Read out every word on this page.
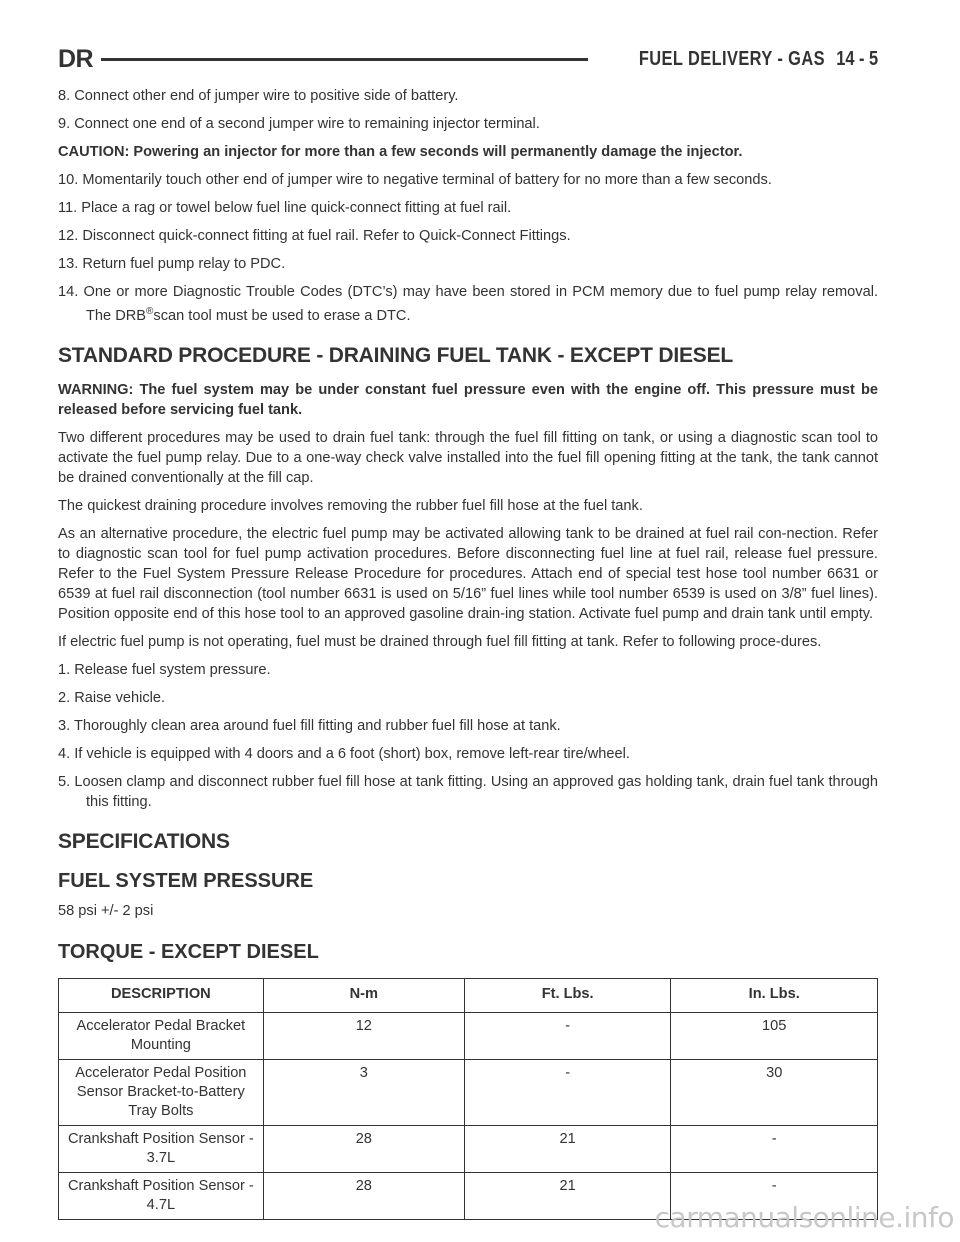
DR	FUEL DELIVERY - GAS 14 - 5

8. Connect other end of jumper wire to positive side of battery.

9. Connect one end of a second jumper wire to remaining injector terminal.

CAUTION: Powering an injector for more than a few seconds will permanently damage the injector.

10. Momentarily touch other end of jumper wire to negative terminal of battery for no more than a few seconds.

11. Place a rag or towel below fuel line quick-connect fitting at fuel rail.

12. Disconnect quick-connect fitting at fuel rail. Refer to Quick-Connect Fittings.

13. Return fuel pump relay to PDC.

14. One or more Diagnostic Trouble Codes (DTC’s) may have been stored in PCM memory due to fuel pump relay removal. The DRB®scan tool must be used to erase a DTC.

STANDARD PROCEDURE - DRAINING FUEL TANK - EXCEPT DIESEL

WARNING: The fuel system may be under constant fuel pressure even with the engine off. This pressure must be released before servicing fuel tank.

Two different procedures may be used to drain fuel tank: through the fuel fill fitting on tank, or using a diagnostic scan tool to activate the fuel pump relay. Due to a one-way check valve installed into the fuel fill opening fitting at the tank, the tank cannot be drained conventionally at the fill cap.

The quickest draining procedure involves removing the rubber fuel fill hose at the fuel tank.

As an alternative procedure, the electric fuel pump may be activated allowing tank to be drained at fuel rail con-nection. Refer to diagnostic scan tool for fuel pump activation procedures. Before disconnecting fuel line at fuel rail, release fuel pressure. Refer to the Fuel System Pressure Release Procedure for procedures. Attach end of special test hose tool number 6631 or 6539 at fuel rail disconnection (tool number 6631 is used on 5/16” fuel lines while tool number 6539 is used on 3/8” fuel lines). Position opposite end of this hose tool to an approved gasoline drain-ing station. Activate fuel pump and drain tank until empty.

If electric fuel pump is not operating, fuel must be drained through fuel fill fitting at tank. Refer to following proce-dures.

1. Release fuel system pressure.

2. Raise vehicle.

3. Thoroughly clean area around fuel fill fitting and rubber fuel fill hose at tank.

4. If vehicle is equipped with 4 doors and a 6 foot (short) box, remove left-rear tire/wheel.

5. Loosen clamp and disconnect rubber fuel fill hose at tank fitting. Using an approved gas holding tank, drain fuel tank through this fitting.

SPECIFICATIONS
FUEL SYSTEM PRESSURE

58 psi +/- 2 psi

TORQUE - EXCEPT DIESEL
DESCRIPTION	N-m	Ft. Lbs.	In. Lbs.
Accelerator Pedal Bracket Mounting	12	-	105
Accelerator Pedal Position Sensor Bracket-to-Battery Tray Bolts	3	-	30
Crankshaft Position Sensor - 3.7L	28	21	-
Crankshaft Position Sensor - 4.7L	28	21	-
carmanualsonline.info
